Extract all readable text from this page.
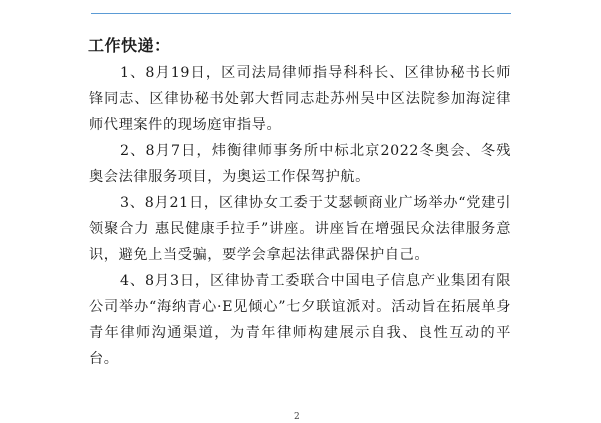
工作快递：

1、8月19日，区司法局律师指导科科长、区律协秘书长师锋同志、区律协秘书处郭大哲同志赴苏州吴中区法院参加海淀律师代理案件的现场庭审指导。

2、8月7日，炜衡律师事务所中标北京2022冬奥会、冬残奥会法律服务项目，为奥运工作保驾护航。

3、8月21日，区律协女工委于艾瑟顿商业广场举办“党建引领聚合力 惠民健康手拉手”讲座。讲座旨在增强民众法律服务意识，避免上当受骗，要学会拿起法律武器保护自己。

4、8月3日，区律协青工委联合中国电子信息产业集团有限公司举办“海纳青心·E见倾心”七夕联谊派对。活动旨在拓展单身青年律师沟通渠道，为青年律师构建展示自我、良性互动的平台。

2
